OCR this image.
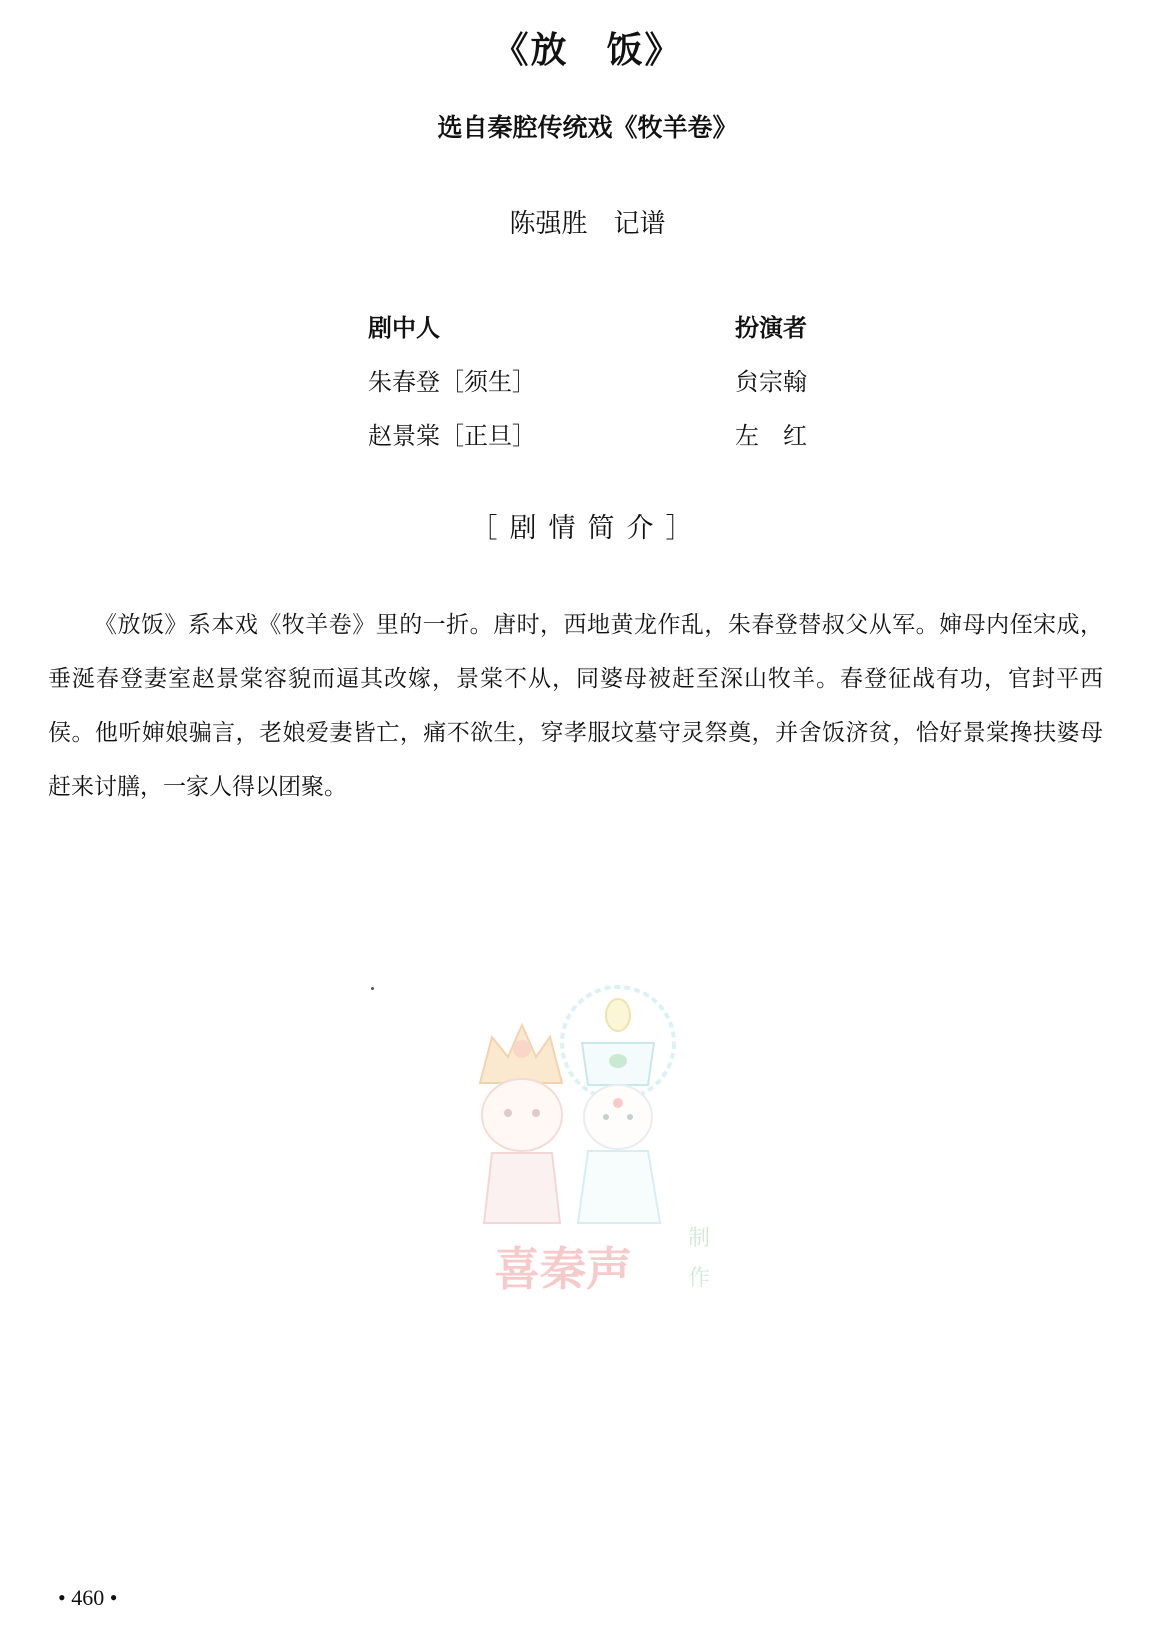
《放　饭》
选自秦腔传统戏《牧羊卷》
陈强胜　记谱
剧中人	扮演者
朱春登［须生］	贠宗翰
赵景棠［正旦］	左　红
［剧情简介］

《放饭》系本戏《牧羊卷》里的一折。唐时，西地黄龙作乱，朱春登替叔父从军。婶母内侄宋成，垂涎春登妻室赵景棠容貌而逼其改嫁，景棠不从，同婆母被赶至深山牧羊。春登征战有功，官封平西侯。他听婶娘骗言，老娘爱妻皆亡，痛不欲生，穿孝服坟墓守灵祭奠，并舍饭济贫，恰好景棠搀扶婆母赶来讨膳，一家人得以团聚。

喜秦声
制作
• 460 •
